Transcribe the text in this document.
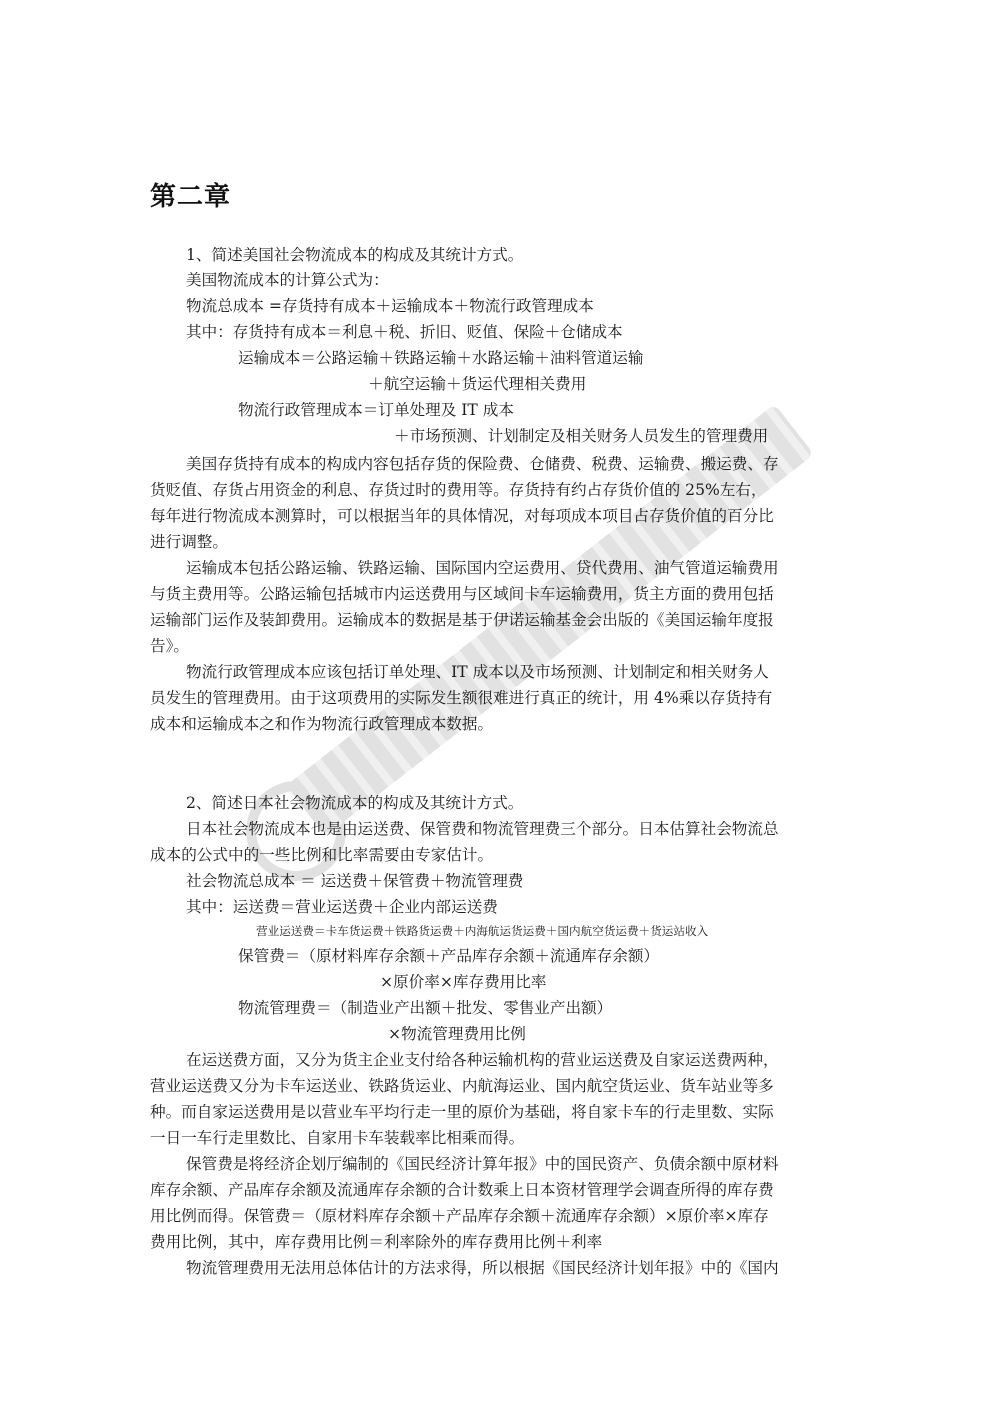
第二章
1、简述美国社会物流成本的构成及其统计方式。
美国物流成本的计算公式为：
物流总成本 =存货持有成本＋运输成本＋物流行政管理成本
其中：存货持有成本＝利息＋税、折旧、贬值、保险＋仓储成本
运输成本＝公路运输＋铁路运输＋水路运输＋油料管道运输
＋航空运输＋货运代理相关费用
物流行政管理成本＝订单处理及 IT 成本
＋市场预测、计划制定及相关财务人员发生的管理费用
美国存货持有成本的构成内容包括存货的保险费、仓储费、税费、运输费、搬运费、存
货贬值、存货占用资金的利息、存货过时的费用等。存货持有约占存货价值的 25%左右，
每年进行物流成本测算时，可以根据当年的具体情况，对每项成本项目占存货价值的百分比
进行调整。
运输成本包括公路运输、铁路运输、国际国内空运费用、贷代费用、油气管道运输费用
与货主费用等。公路运输包括城市内运送费用与区域间卡车运输费用，货主方面的费用包括
运输部门运作及装卸费用。运输成本的数据是基于伊诺运输基金会出版的《美国运输年度报
告》。
物流行政管理成本应该包括订单处理、IT 成本以及市场预测、计划制定和相关财务人
员发生的管理费用。由于这项费用的实际发生额很难进行真正的统计，用 4%乘以存货持有
成本和运输成本之和作为物流行政管理成本数据。
2、简述日本社会物流成本的构成及其统计方式。
日本社会物流成本也是由运送费、保管费和物流管理费三个部分。日本估算社会物流总
成本的公式中的一些比例和比率需要由专家估计。
社会物流总成本 ＝ 运送费＋保管费＋物流管理费
其中：运送费＝营业运送费＋企业内部运送费
营业运送费＝卡车货运费＋铁路货运费＋内海航运货运费＋国内航空货运费＋货运站收入
保管费＝（原材料库存余额＋产品库存余额＋流通库存余额）
×原价率×库存费用比率
物流管理费＝（制造业产出额＋批发、零售业产出额）
×物流管理费用比例
在运送费方面，又分为货主企业支付给各种运输机构的营业运送费及自家运送费两种，
营业运送费又分为卡车运送业、铁路货运业、内航海运业、国内航空货运业、货车站业等多
种。而自家运送费用是以营业车平均行走一里的原价为基础，将自家卡车的行走里数、实际
一日一车行走里数比、自家用卡车装载率比相乘而得。
保管费是将经济企划厅编制的《国民经济计算年报》中的国民资产、负债余额中原材料
库存余额、产品库存余额及流通库存余额的合计数乘上日本资材管理学会调查所得的库存费
用比例而得。保管费＝（原材料库存余额＋产品库存余额＋流通库存余额）×原价率×库存
费用比例，其中，库存费用比例＝利率除外的库存费用比例＋利率
物流管理费用无法用总体估计的方法求得，所以根据《国民经济计划年报》中的《国内
